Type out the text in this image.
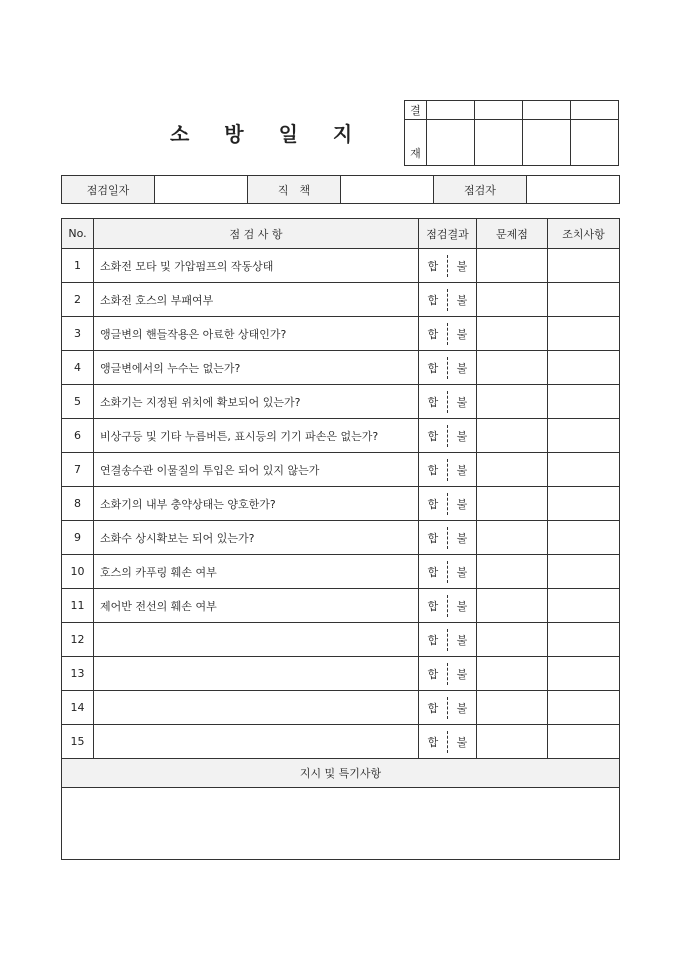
소 방 일 지
결				
재				
점검일자		직　책		점검자	
No.	점 검 사 항	점검결과	문제점	조치사항
1	소화전 모타 및 가압펌프의 작동상태	합 불		

2	소화전 호스의 부패여부	합 불		

3	앵글변의 핸들작용은 아료한 상태인가?	합 불		

4	앵글변에서의 누수는 없는가?	합 불		

5	소화기는 지정된 위치에 확보되어 있는가?	합 불		

6	비상구등 및 기타 누름버튼, 표시등의 기기 파손은 없는가?	합 불		

7	연결송수관 이물질의 투입은 되어 있지 않는가	합 불		

8	소화기의 내부 충약상태는 양호한가?	합 불		

9	소화수 상시확보는 되어 있는가?	합 불		

10	호스의 카푸링 훼손 여부	합 불		

11	제어반 전선의 훼손 여부	합 불		

12		합 불		

13		합 불		

14		합 불		

15		합 불		

지시 및 특기사항				
